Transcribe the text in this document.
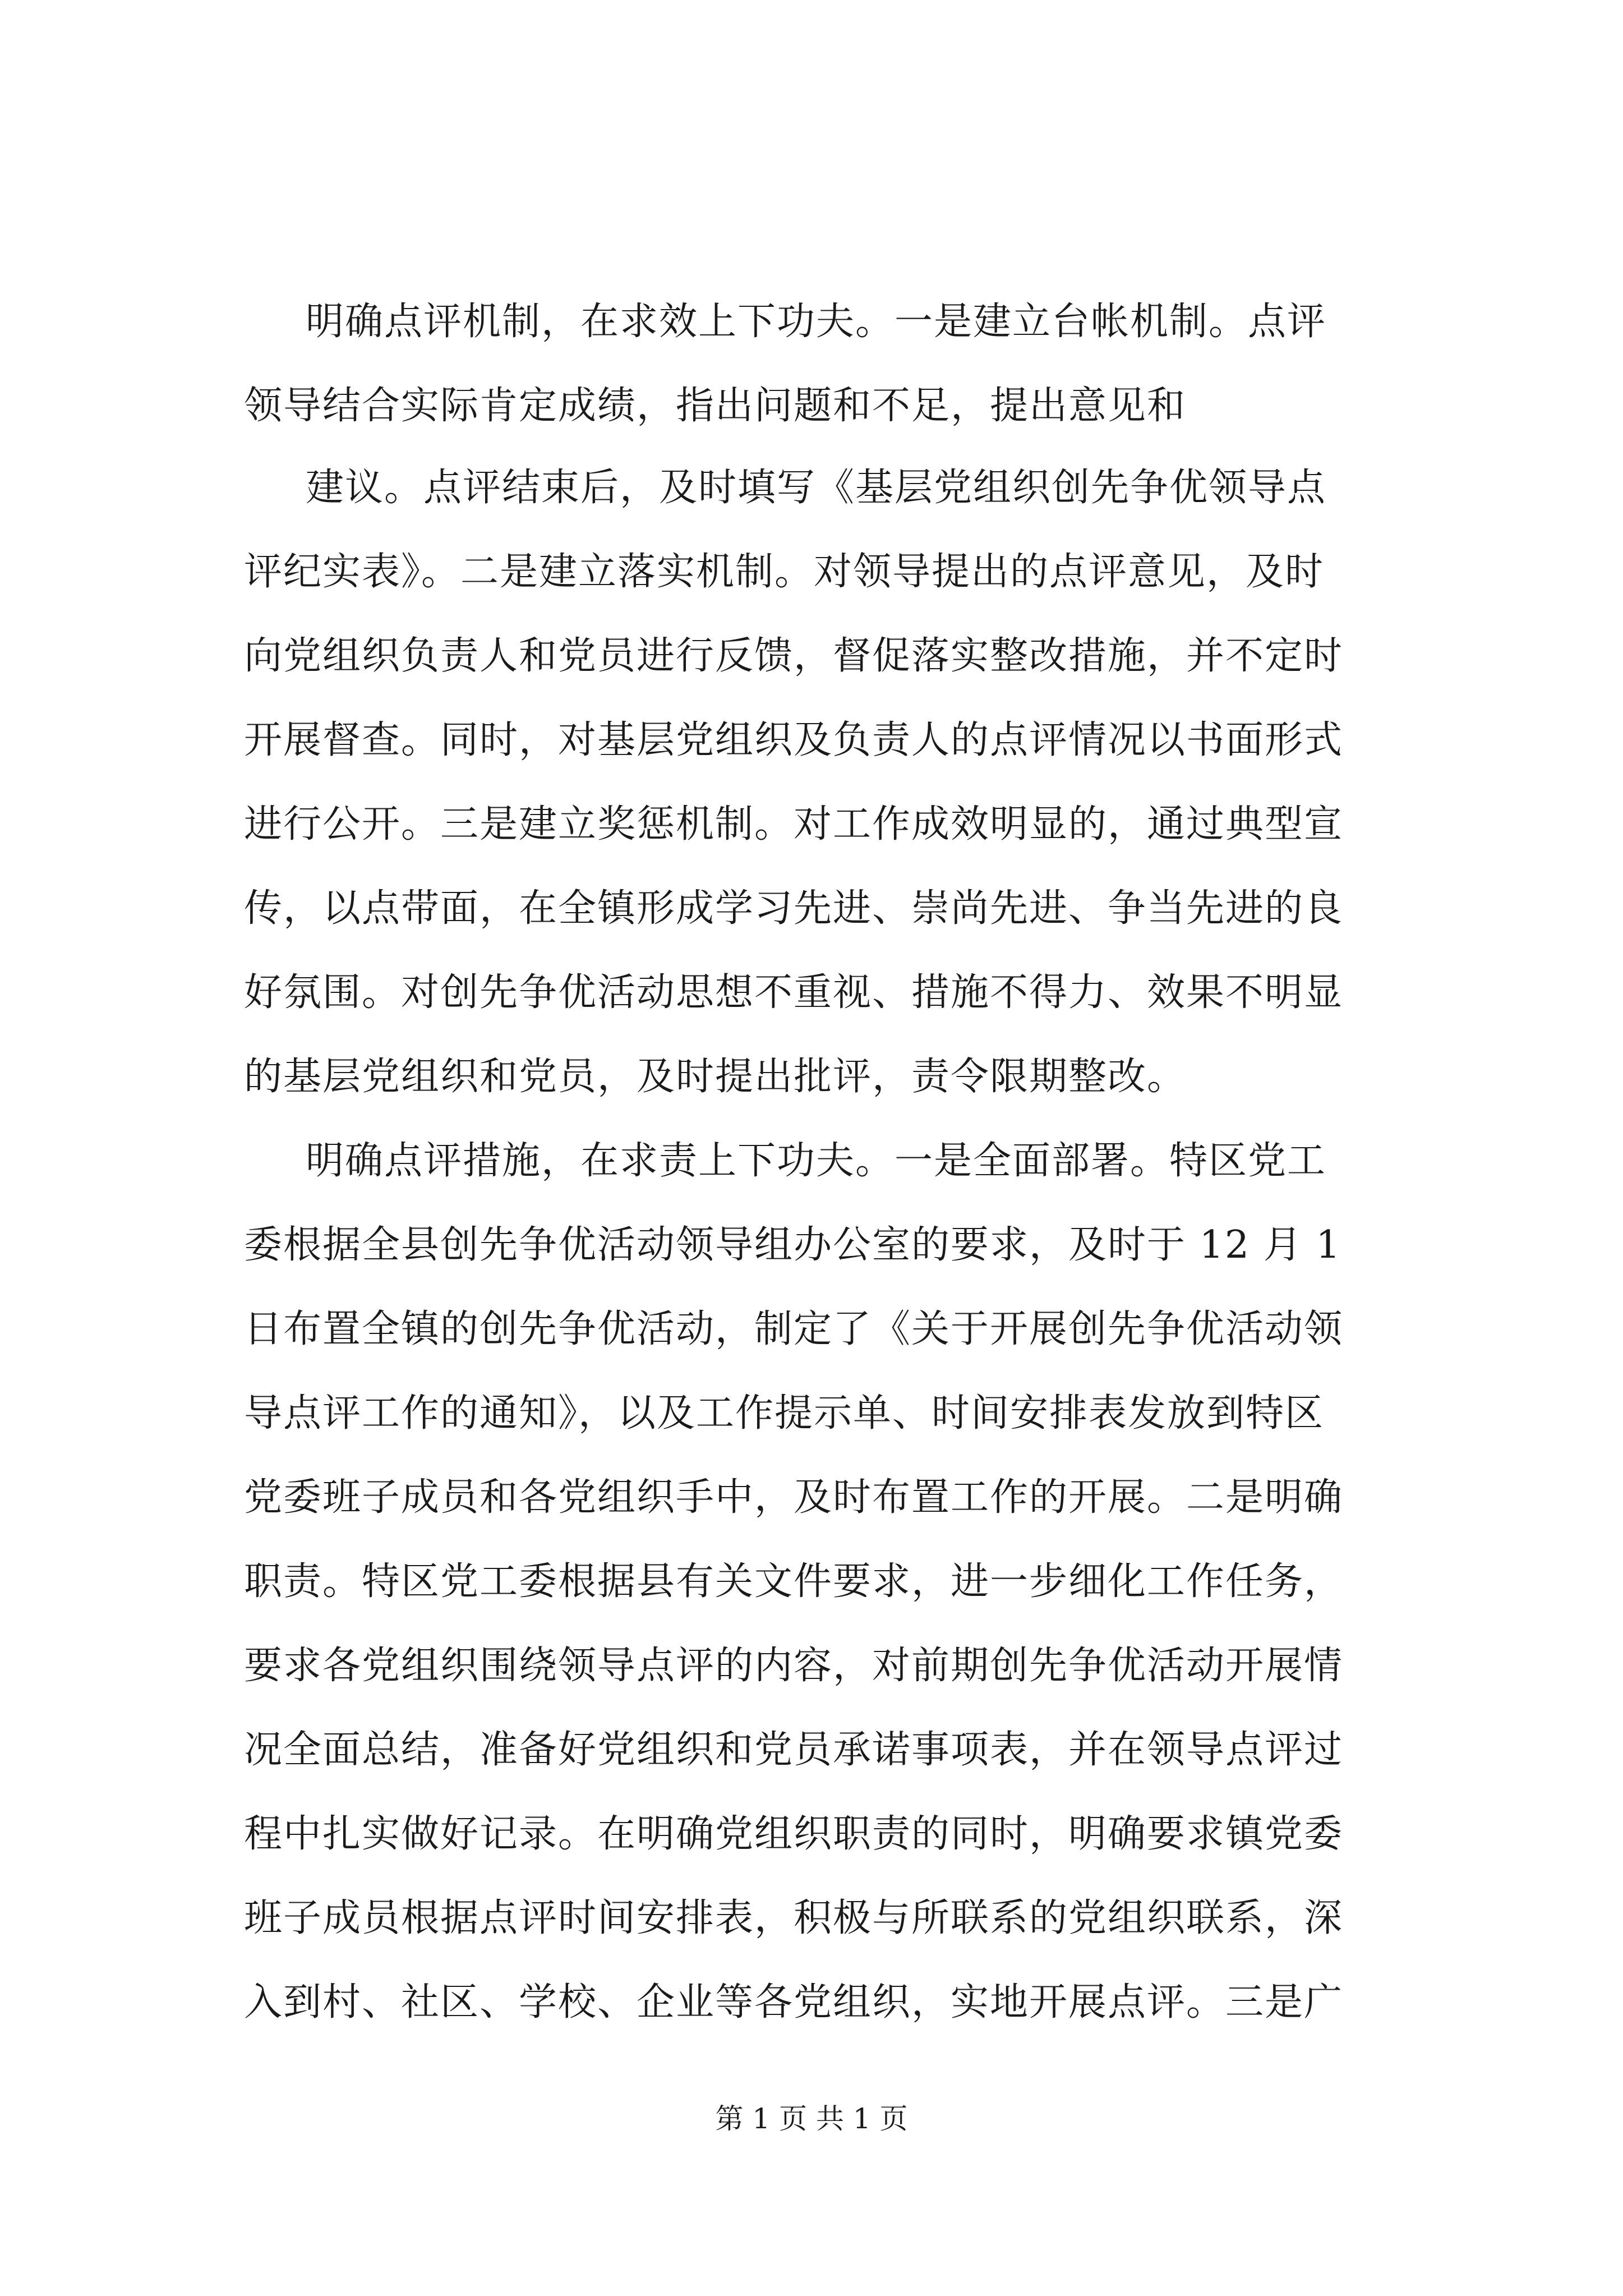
明确点评机制，在求效上下功夫。一是建立台帐机制。点评
领导结合实际肯定成绩，指出问题和不足，提出意见和
建议。点评结束后，及时填写《基层党组织创先争优领导点
评纪实表》。二是建立落实机制。对领导提出的点评意见，及时
向党组织负责人和党员进行反馈，督促落实整改措施，并不定时
开展督查。同时，对基层党组织及负责人的点评情况以书面形式
进行公开。三是建立奖惩机制。对工作成效明显的，通过典型宣
传，以点带面，在全镇形成学习先进、崇尚先进、争当先进的良
好氛围。对创先争优活动思想不重视、措施不得力、效果不明显
的基层党组织和党员，及时提出批评，责令限期整改。
明确点评措施，在求责上下功夫。一是全面部署。特区党工
委根据全县创先争优活动领导组办公室的要求，及时于 12 月 1
日布置全镇的创先争优活动，制定了《关于开展创先争优活动领
导点评工作的通知》，以及工作提示单、时间安排表发放到特区
党委班子成员和各党组织手中，及时布置工作的开展。二是明确
职责。特区党工委根据县有关文件要求，进一步细化工作任务，
要求各党组织围绕领导点评的内容，对前期创先争优活动开展情
况全面总结，准备好党组织和党员承诺事项表，并在领导点评过
程中扎实做好记录。在明确党组织职责的同时，明确要求镇党委
班子成员根据点评时间安排表，积极与所联系的党组织联系，深
入到村、社区、学校、企业等各党组织，实地开展点评。三是广
第 1 页 共 1 页
